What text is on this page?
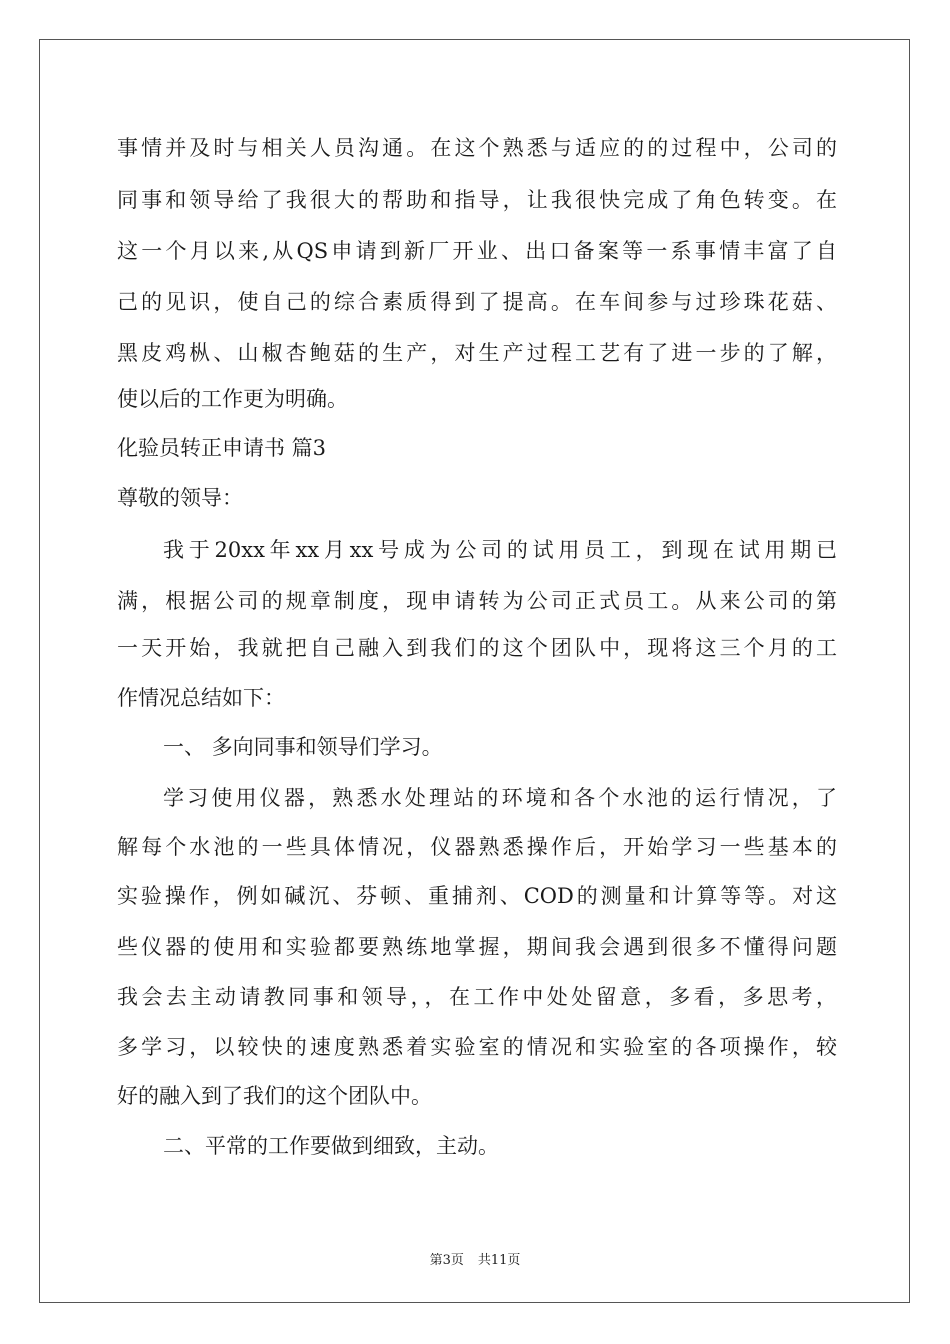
事情并及时与相关人员沟通。在这个熟悉与适应的的过程中，公司的
同事和领导给了我很大的帮助和指导，让我很快完成了角色转变。在
这一个月以来,从QS申请到新厂开业、出口备案等一系事情丰富了自
己的见识，使自己的综合素质得到了提高。在车间参与过珍珠花菇、
黑皮鸡枞、山椒杏鲍菇的生产，对生产过程工艺有了进一步的了解，
使以后的工作更为明确。
化验员转正申请书 篇3
尊敬的领导：
我于20xx年xx月xx号成为公司的试用员工，到现在试用期已
满，根据公司的规章制度，现申请转为公司正式员工。从来公司的第
一天开始，我就把自己融入到我们的这个团队中，现将这三个月的工
作情况总结如下：
一、 多向同事和领导们学习。
学习使用仪器，熟悉水处理站的环境和各个水池的运行情况，了
解每个水池的一些具体情况，仪器熟悉操作后，开始学习一些基本的
实验操作，例如碱沉、芬顿、重捕剂、COD的测量和计算等等。对这
些仪器的使用和实验都要熟练地掌握，期间我会遇到很多不懂得问题
我会去主动请教同事和领导，，在工作中处处留意，多看，多思考，
多学习，以较快的速度熟悉着实验室的情况和实验室的各项操作，较
好的融入到了我们的这个团队中。
二、平常的工作要做到细致，主动。
第3页 共11页
